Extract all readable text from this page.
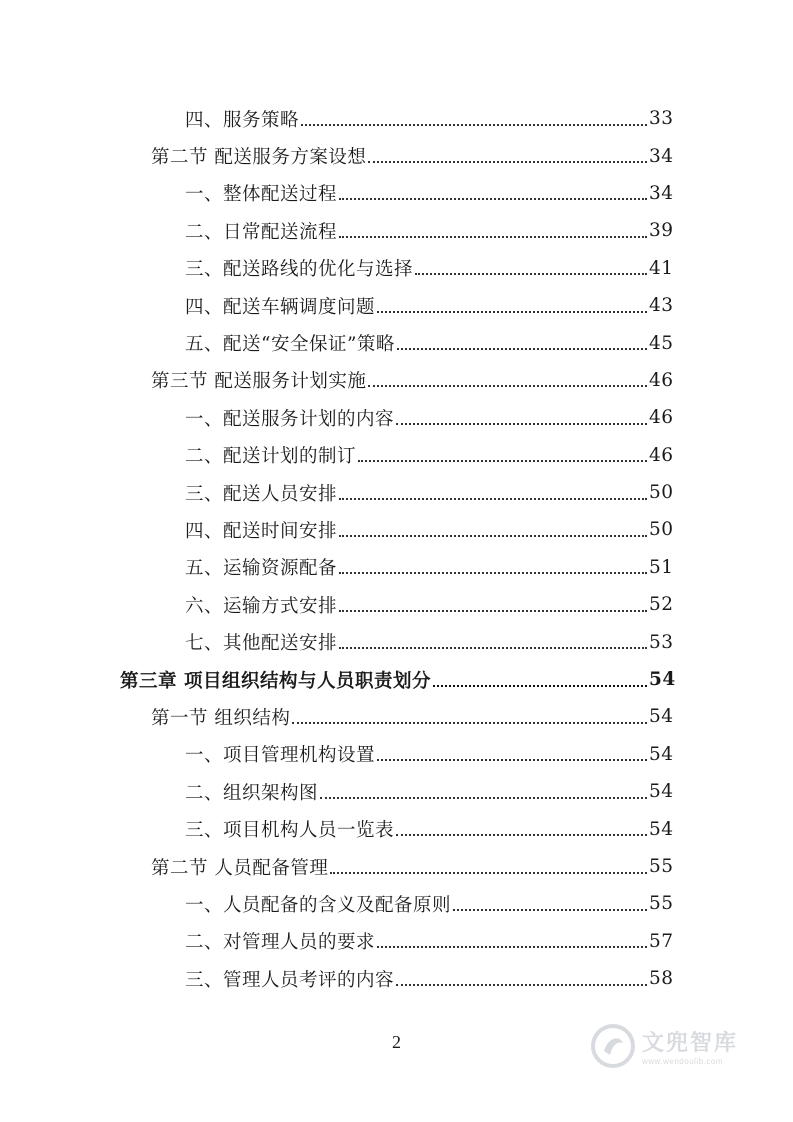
四、服务策略	33
第二节 配送服务方案设想	34
一、整体配送过程	34
二、日常配送流程	39
三、配送路线的优化与选择	41
四、配送车辆调度问题	43
五、配送“安全保证”策略	45
第三节 配送服务计划实施	46
一、配送服务计划的内容	46
二、配送计划的制订	46
三、配送人员安排	50
四、配送时间安排	50
五、运输资源配备	51
六、运输方式安排	52
七、其他配送安排	53
第三章 项目组织结构与人员职责划分	54
第一节 组织结构	54
一、项目管理机构设置	54
二、组织架构图	54
三、项目机构人员一览表	54
第二节 人员配备管理	55
一、人员配备的含义及配备原则	55
二、对管理人员的要求	57
三、管理人员考评的内容	58
2	文兜智库
www.wendoulib.com
